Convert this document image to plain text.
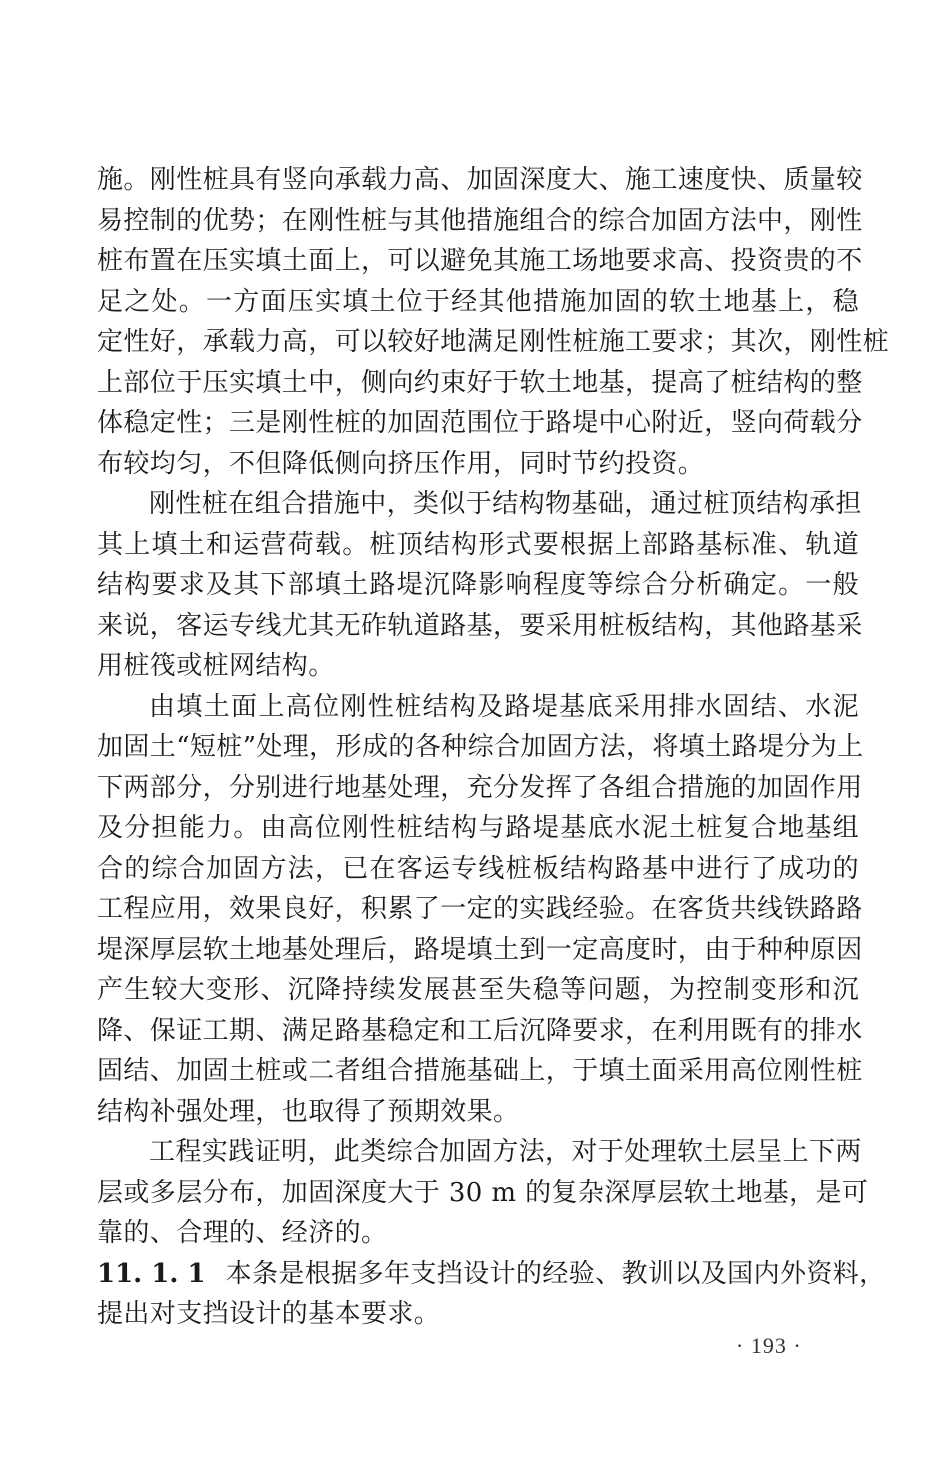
施。刚性桩具有竖向承载力高、加固深度大、施工速度快、质量较
易控制的优势；在刚性桩与其他措施组合的综合加固方法中，刚性
桩布置在压实填土面上，可以避免其施工场地要求高、投资贵的不
足之处。一方面压实填土位于经其他措施加固的软土地基上，稳
定性好，承载力高，可以较好地满足刚性桩施工要求；其次，刚性桩
上部位于压实填土中，侧向约束好于软土地基，提高了桩结构的整
体稳定性；三是刚性桩的加固范围位于路堤中心附近，竖向荷载分
布较均匀，不但降低侧向挤压作用，同时节约投资。

刚性桩在组合措施中，类似于结构物基础，通过桩顶结构承担
其上填土和运营荷载。桩顶结构形式要根据上部路基标准、轨道
结构要求及其下部填土路堤沉降影响程度等综合分析确定。一般
来说，客运专线尤其无砟轨道路基，要采用桩板结构，其他路基采
用桩筏或桩网结构。

由填土面上高位刚性桩结构及路堤基底采用排水固结、水泥
加固土“短桩”处理，形成的各种综合加固方法，将填土路堤分为上
下两部分，分别进行地基处理，充分发挥了各组合措施的加固作用
及分担能力。由高位刚性桩结构与路堤基底水泥土桩复合地基组
合的综合加固方法，已在客运专线桩板结构路基中进行了成功的
工程应用，效果良好，积累了一定的实践经验。在客货共线铁路路
堤深厚层软土地基处理后，路堤填土到一定高度时，由于种种原因
产生较大变形、沉降持续发展甚至失稳等问题，为控制变形和沉
降、保证工期、满足路基稳定和工后沉降要求，在利用既有的排水
固结、加固土桩或二者组合措施基础上，于填土面采用高位刚性桩
结构补强处理，也取得了预期效果。

工程实践证明，此类综合加固方法，对于处理软土层呈上下两
层或多层分布，加固深度大于 30 m 的复杂深厚层软土地基，是可
靠的、合理的、经济的。

11. 1. 1 本条是根据多年支挡设计的经验、教训以及国内外资料，
提出对支挡设计的基本要求。

· 193 ·
